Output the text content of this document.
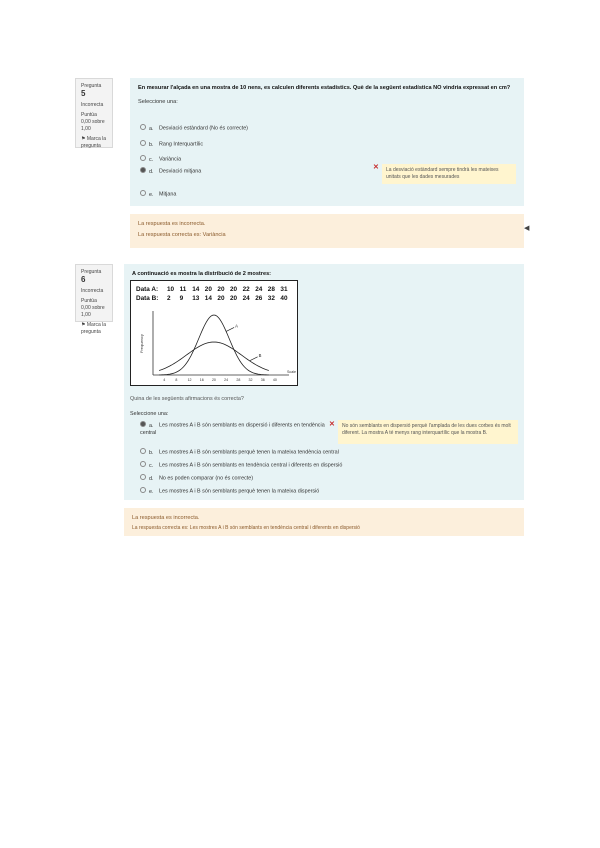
Pregunta 5
Incorrecta
Puntúa 0,00 sobre 1,00
⚑ Marca la pregunta
En mesurar l'alçada en una mostra de 10 nens, es calculen diferents estadístics. Què de la següent estadística NO vindria expressat en cm?
Seleccione una:
a. Desviació estàndard (No és correcte)
b. Rang Interquartílic
c. Variància
d. Desviació mitjana
e. Mitjana
✕	La desviació estàndard sempre tindrà les mateixes unitats que les dades mesurades
La respuesta es incorrecta.
La respuesta correcta es: Variància
◀
Pregunta 6
Incorrecta
Puntúa 0,00 sobre 1,00
⚑ Marca la pregunta
A continuació es mostra la distribució de 2 mostres:
Data A: 10 11 14 20 20 20 22 24 28 31
Data B: 2 9 13 14 20 20 24 26 32 40
Frequency
4	8	12 16 20 24 28 32 36 40
Scale
A
B
Quina de les següents afirmacions és correcta?
Seleccione una:
a. Les mostres A i B són semblants en dispersió i diferents en tendència central
✕	No són semblants en dispersió perquè l'amplada de les dues corbes és molt diferent. La mostra A té menys rang interquartílic que la mostra B.
b. Les mostres A i B són semblants perquè tenen la mateixa tendència central
c. Les mostres A i B són semblants en tendència central i diferents en dispersió
d. No es poden comparar (no és correcte)
e. Les mostres A i B són semblants perquè tenen la mateixa dispersió
La respuesta es incorrecta.
La respuesta correcta es: Les mostres A i B són semblants en tendència central i diferents en dispersió
